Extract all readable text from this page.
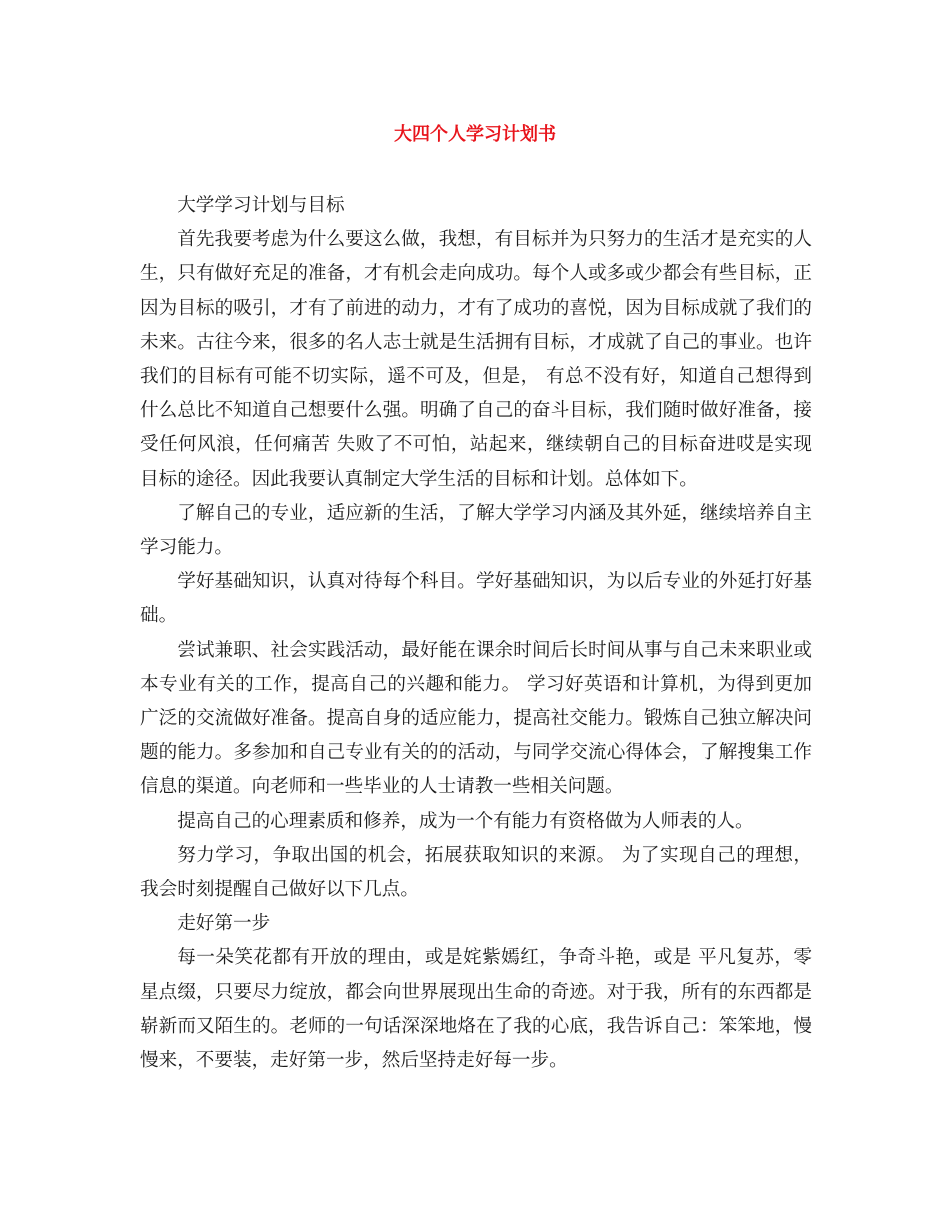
大四个人学习计划书

大学学习计划与目标

首先我要考虑为什么要这么做，我想，有目标并为只努力的生活才是充实的人生，只有做好充足的准备，才有机会走向成功。每个人或多或少都会有些目标，正因为目标的吸引，才有了前进的动力，才有了成功的喜悦，因为目标成就了我们的未来。古往今来，很多的名人志士就是生活拥有目标，才成就了自己的事业。也许我们的目标有可能不切实际，遥不可及，但是， 有总不没有好，知道自己想得到什么总比不知道自己想要什么强。明确了自己的奋斗目标，我们随时做好准备，接受任何风浪，任何痛苦 失败了不可怕，站起来，继续朝自己的目标奋进哎是实现目标的途径。因此我要认真制定大学生活的目标和计划。总体如下。

了解自己的专业，适应新的生活，了解大学学习内涵及其外延，继续培养自主学习能力。

学好基础知识，认真对待每个科目。学好基础知识，为以后专业的外延打好基础。

尝试兼职、社会实践活动，最好能在课余时间后长时间从事与自己未来职业或本专业有关的工作，提高自己的兴趣和能力。 学习好英语和计算机，为得到更加广泛的交流做好准备。提高自身的适应能力，提高社交能力。锻炼自己独立解决问题的能力。多参加和自己专业有关的的活动，与同学交流心得体会，了解搜集工作信息的渠道。向老师和一些毕业的人士请教一些相关问题。

提高自己的心理素质和修养，成为一个有能力有资格做为人师表的人。

努力学习，争取出国的机会，拓展获取知识的来源。 为了实现自己的理想，我会时刻提醒自己做好以下几点。

走好第一步

每一朵笑花都有开放的理由，或是姹紫嫣红，争奇斗艳，或是 平凡复苏，零星点缀，只要尽力绽放，都会向世界展现出生命的奇迹。对于我，所有的东西都是崭新而又陌生的。老师的一句话深深地烙在了我的心底，我告诉自己：笨笨地，慢慢来，不要装，走好第一步，然后坚持走好每一步。
